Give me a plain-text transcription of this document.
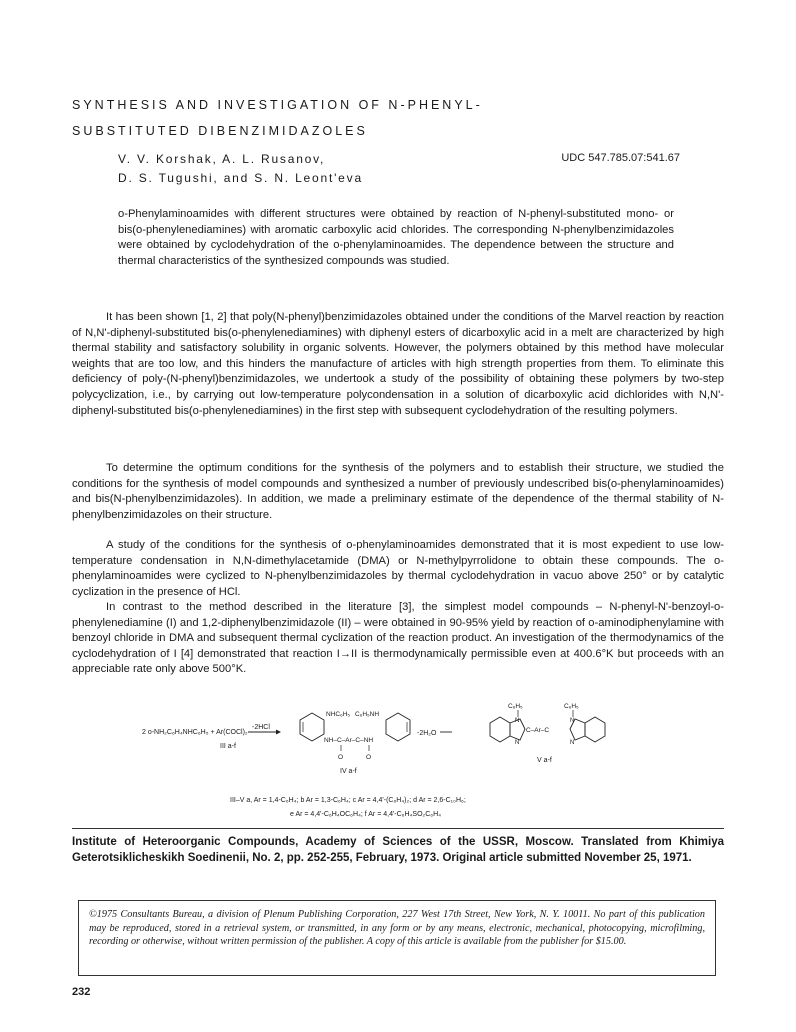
SYNTHESIS AND INVESTIGATION OF N-PHENYL-
SUBSTITUTED DIBENZIMIDAZOLES
V. V. Korshak, A. L. Rusanov,
D. S. Tugushi, and S. N. Leont'eva
UDC 547.785.07:541.67
o-Phenylaminoamides with different structures were obtained by reaction of N-phenyl-substituted mono- or bis(o-phenylenediamines) with aromatic carboxylic acid chlorides. The corresponding N-phenylbenzimidazoles were obtained by cyclodehydration of the o-phenylaminoamides. The dependence between the structure and thermal characteristics of the synthesized compounds was studied.

It has been shown [1, 2] that poly(N-phenyl)benzimidazoles obtained under the conditions of the Marvel reaction by reaction of N,N'-diphenyl-substituted bis(o-phenylenediamines) with diphenyl esters of dicarboxylic acid in a melt are characterized by high thermal stability and satisfactory solubility in organic solvents. However, the polymers obtained by this method have molecular weights that are too low, and this hinders the manufacture of articles with high strength properties from them. To eliminate this deficiency of poly-(N-phenyl)benzimidazoles, we undertook a study of the possibility of obtaining these polymers by two-step polycyclization, i.e., by carrying out low-temperature polycondensation in a solution of dicarboxylic acid dichlorides with N,N'-diphenyl-substituted bis(o-phenylenediamines) in the first step with subsequent cyclodehydration of the resulting polymers.

To determine the optimum conditions for the synthesis of the polymers and to establish their structure, we studied the conditions for the synthesis of model compounds and synthesized a number of previously undescribed bis(o-phenylaminoamides) and bis(N-phenylbenzimidazoles). In addition, we made a preliminary estimate of the dependence of the thermal stability of N-phenylbenzimidazoles on their structure.

A study of the conditions for the synthesis of o-phenylaminoamides demonstrated that it is most expedient to use low-temperature condensation in N,N-dimethylacetamide (DMA) or N-methylpyrrolidone to obtain these compounds. The o-phenylaminoamides were cyclized to N-phenylbenzimidazoles by thermal cyclodehydration in vacuo above 250° or by catalytic cyclization in the presence of HCl.

In contrast to the method described in the literature [3], the simplest model compounds – N-phenyl-N'-benzoyl-o-phenylenediamine (I) and 1,2-diphenylbenzimidazole (II) – were obtained in 90-95% yield by reaction of o-aminodiphenylamine with benzoyl chloride in DMA and subsequent thermal cyclization of the reaction product. An investigation of the thermodynamics of the cyclodehydration of I [4] demonstrated that reaction I→II is thermodynamically permissible even at 400.6°K but proceeds with an appreciable rate only above 500°K.

2 o-NH₂C₆H₄NHC₆H₅ + Ar(COCl)₂
-2HCl
III a-f
NHC₆H₅ C₆H₅NH
NH–C–Ar–C–NH
O	O
IV a-f
-2H₂O
C₆H₅	C₆H₅
N
N
C–Ar–C
N
N
V a-f
III–V a, Ar = 1,4-C₆H₄; b Ar = 1,3-C₆H₄; c Ar = 4,4'-(C₆H₄)₂; d Ar = 2,6-C₁₀H₆;
e Ar = 4,4'-C₆H₄OC₆H₄; f Ar = 4,4'-C₆H₄SO₂C₆H₄
Institute of Heteroorganic Compounds, Academy of Sciences of the USSR, Moscow. Translated from Khimiya Geterotsiklicheskikh Soedinenii, No. 2, pp. 252-255, February, 1973. Original article submitted November 25, 1971.
©1975 Consultants Bureau, a division of Plenum Publishing Corporation, 227 West 17th Street, New York, N. Y. 10011. No part of this publication may be reproduced, stored in a retrieval system, or transmitted, in any form or by any means, electronic, mechanical, photocopying, microfilming, recording or otherwise, without written permission of the publisher. A copy of this article is available from the publisher for $15.00.
232
